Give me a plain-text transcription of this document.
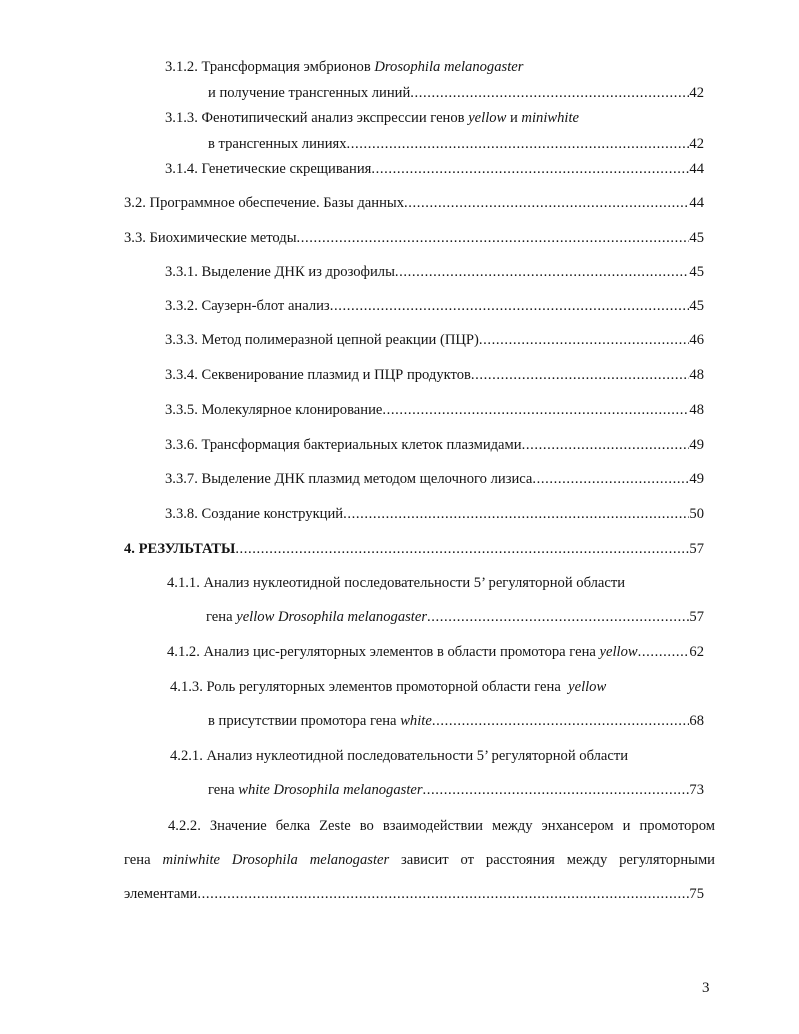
3.1.2. Трансформация эмбрионов Drosophila melanogaster
и получение трансгенных линий .....	42
3.1.3. Фенотипический анализ экспрессии генов yellow и miniwhite
в трансгенных линиях .....	42
3.1.4.
Генетические скрещивания .....	44
3.2.
Программное обеспечение. Базы данных .....	44
3.3.
Биохимические методы .....	45
3.3.1.
Выделение ДНК из дрозофилы .....	45
3.3.2.
Саузерн-блот анализ .....	45
3.3.3.
Метод полимеразной цепной реакции (ПЦР) .....	46
3.3.4.
Секвенирование плазмид и ПЦР продуктов .....	48
3.3.5.
Молекулярное клонирование .....	48
3.3.6.
Трансформация бактериальных клеток плазмидами .....	49
3.3.7.
Выделение ДНК плазмид методом щелочного лизиса .....	49
3.3.8.
Создание конструкций .....	50
4.
РЕЗУЛЬТАТЫ .....	57
4.1.1. Анализ нуклеотидной последовательности 5’ регуляторной области
гена
yellow Drosophila melanogaster .....	57
4.1.2.
Анализ цис-регуляторных элементов в области промотора гена
yellow .....	62
4.1.3. Роль регуляторных элементов промоторной области гена  yellow
в присутствии промотора гена
white .....	68
4.2.1. Анализ нуклеотидной последовательности 5’ регуляторной области
гена
white Drosophila melanogaster .....	73
4.2.2. Значение белка Zeste во взаимодействии между энхансером и промотором
гена miniwhite Drosophila melanogaster зависит от расстояния между регуляторными
элементами .....	75
3
